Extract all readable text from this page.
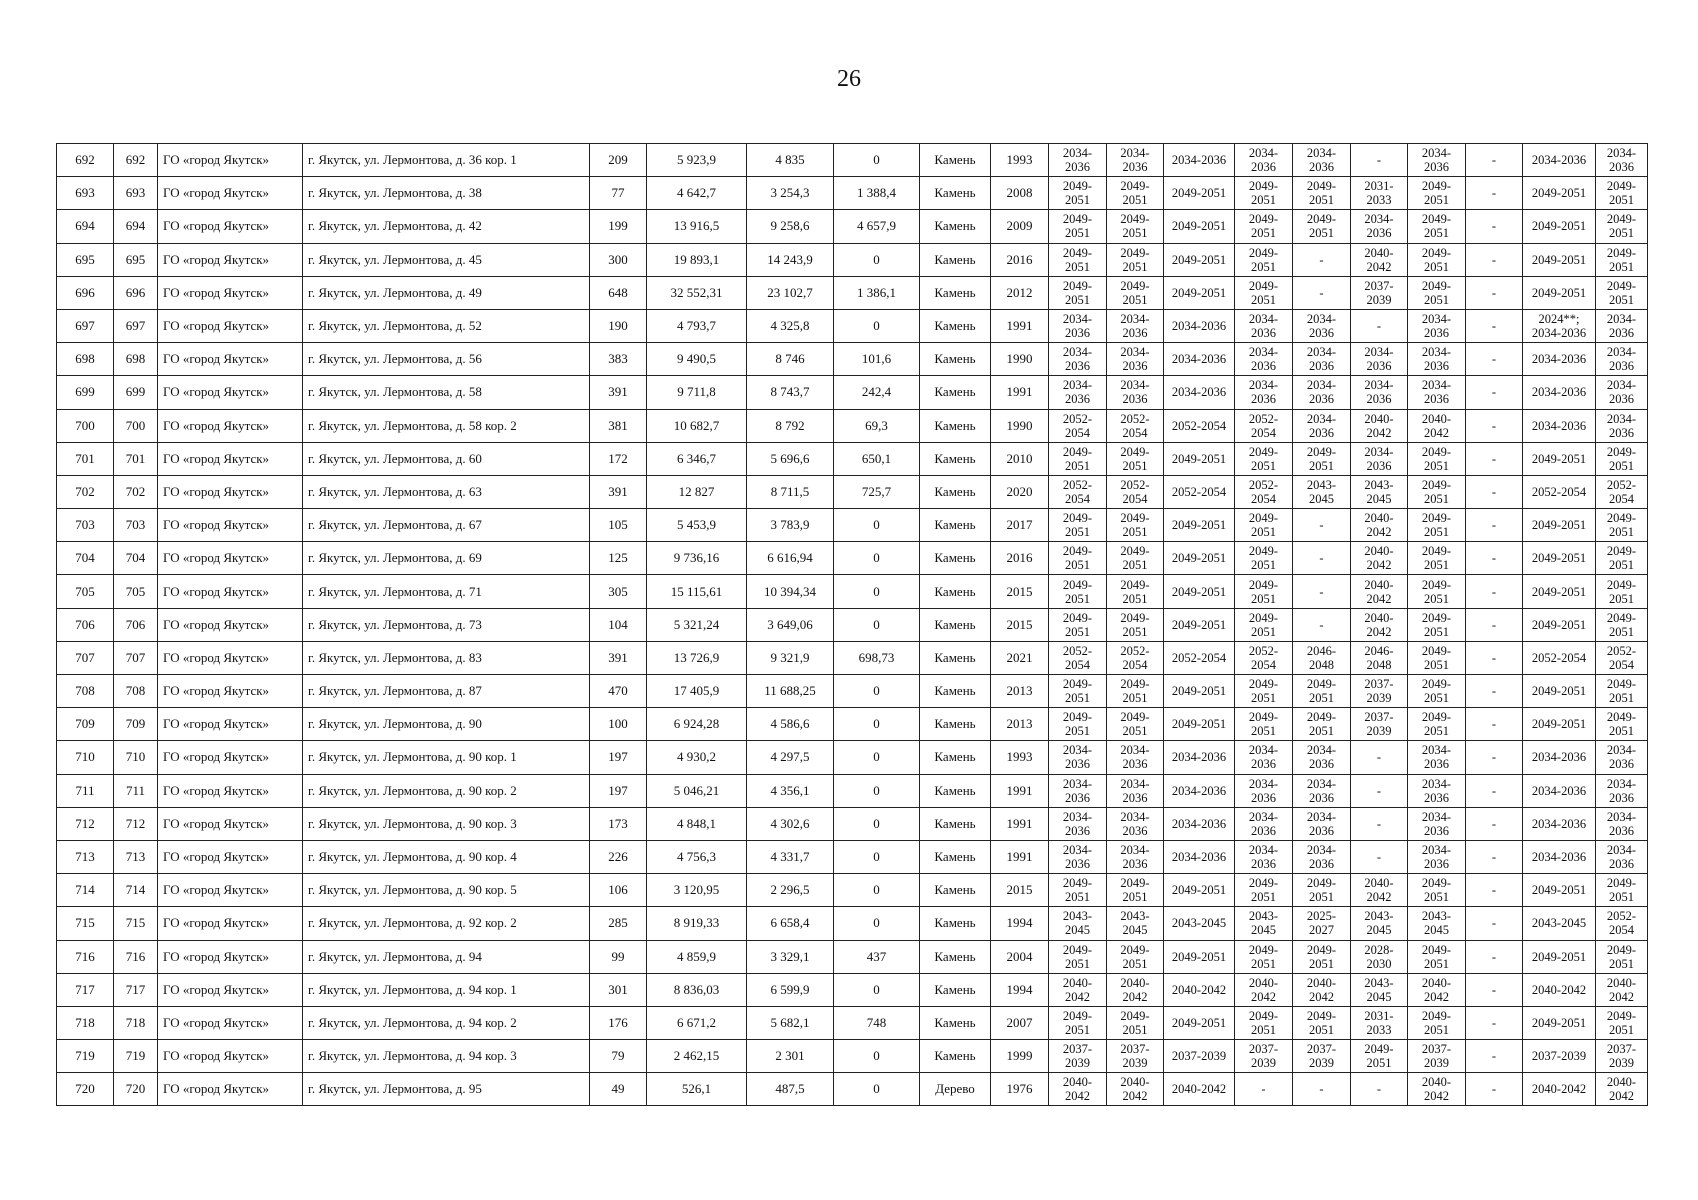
26
692	692	ГО «город Якутск»	г. Якутск, ул. Лермонтова, д. 36 кор. 1	209	5 923,9	4 835	0	Камень	1993	2034-2036	2034-2036	2034-2036	2034-2036	2034-2036	-	2034-2036	-	2034-2036	2034-2036
693	693	ГО «город Якутск»	г. Якутск, ул. Лермонтова, д. 38	77	4 642,7	3 254,3	1 388,4	Камень	2008	2049-2051	2049-2051	2049-2051	2049-2051	2049-2051	2031-2033	2049-2051	-	2049-2051	2049-2051
694	694	ГО «город Якутск»	г. Якутск, ул. Лермонтова, д. 42	199	13 916,5	9 258,6	4 657,9	Камень	2009	2049-2051	2049-2051	2049-2051	2049-2051	2049-2051	2034-2036	2049-2051	-	2049-2051	2049-2051
695	695	ГО «город Якутск»	г. Якутск, ул. Лермонтова, д. 45	300	19 893,1	14 243,9	0	Камень	2016	2049-2051	2049-2051	2049-2051	2049-2051	-	2040-2042	2049-2051	-	2049-2051	2049-2051
696	696	ГО «город Якутск»	г. Якутск, ул. Лермонтова, д. 49	648	32 552,31	23 102,7	1 386,1	Камень	2012	2049-2051	2049-2051	2049-2051	2049-2051	-	2037-2039	2049-2051	-	2049-2051	2049-2051
697	697	ГО «город Якутск»	г. Якутск, ул. Лермонтова, д. 52	190	4 793,7	4 325,8	0	Камень	1991	2034-2036	2034-2036	2034-2036	2034-2036	2034-2036	-	2034-2036	-	2024**; 2034-2036	2034-2036
698	698	ГО «город Якутск»	г. Якутск, ул. Лермонтова, д. 56	383	9 490,5	8 746	101,6	Камень	1990	2034-2036	2034-2036	2034-2036	2034-2036	2034-2036	2034-2036	2034-2036	-	2034-2036	2034-2036
699	699	ГО «город Якутск»	г. Якутск, ул. Лермонтова, д. 58	391	9 711,8	8 743,7	242,4	Камень	1991	2034-2036	2034-2036	2034-2036	2034-2036	2034-2036	2034-2036	2034-2036	-	2034-2036	2034-2036
700	700	ГО «город Якутск»	г. Якутск, ул. Лермонтова, д. 58 кор. 2	381	10 682,7	8 792	69,3	Камень	1990	2052-2054	2052-2054	2052-2054	2052-2054	2034-2036	2040-2042	2040-2042	-	2034-2036	2034-2036
701	701	ГО «город Якутск»	г. Якутск, ул. Лермонтова, д. 60	172	6 346,7	5 696,6	650,1	Камень	2010	2049-2051	2049-2051	2049-2051	2049-2051	2049-2051	2034-2036	2049-2051	-	2049-2051	2049-2051
702	702	ГО «город Якутск»	г. Якутск, ул. Лермонтова, д. 63	391	12 827	8 711,5	725,7	Камень	2020	2052-2054	2052-2054	2052-2054	2052-2054	2043-2045	2043-2045	2049-2051	-	2052-2054	2052-2054
703	703	ГО «город Якутск»	г. Якутск, ул. Лермонтова, д. 67	105	5 453,9	3 783,9	0	Камень	2017	2049-2051	2049-2051	2049-2051	2049-2051	-	2040-2042	2049-2051	-	2049-2051	2049-2051
704	704	ГО «город Якутск»	г. Якутск, ул. Лермонтова, д. 69	125	9 736,16	6 616,94	0	Камень	2016	2049-2051	2049-2051	2049-2051	2049-2051	-	2040-2042	2049-2051	-	2049-2051	2049-2051
705	705	ГО «город Якутск»	г. Якутск, ул. Лермонтова, д. 71	305	15 115,61	10 394,34	0	Камень	2015	2049-2051	2049-2051	2049-2051	2049-2051	-	2040-2042	2049-2051	-	2049-2051	2049-2051
706	706	ГО «город Якутск»	г. Якутск, ул. Лермонтова, д. 73	104	5 321,24	3 649,06	0	Камень	2015	2049-2051	2049-2051	2049-2051	2049-2051	-	2040-2042	2049-2051	-	2049-2051	2049-2051
707	707	ГО «город Якутск»	г. Якутск, ул. Лермонтова, д. 83	391	13 726,9	9 321,9	698,73	Камень	2021	2052-2054	2052-2054	2052-2054	2052-2054	2046-2048	2046-2048	2049-2051	-	2052-2054	2052-2054
708	708	ГО «город Якутск»	г. Якутск, ул. Лермонтова, д. 87	470	17 405,9	11 688,25	0	Камень	2013	2049-2051	2049-2051	2049-2051	2049-2051	2049-2051	2037-2039	2049-2051	-	2049-2051	2049-2051
709	709	ГО «город Якутск»	г. Якутск, ул. Лермонтова, д. 90	100	6 924,28	4 586,6	0	Камень	2013	2049-2051	2049-2051	2049-2051	2049-2051	2049-2051	2037-2039	2049-2051	-	2049-2051	2049-2051
710	710	ГО «город Якутск»	г. Якутск, ул. Лермонтова, д. 90 кор. 1	197	4 930,2	4 297,5	0	Камень	1993	2034-2036	2034-2036	2034-2036	2034-2036	2034-2036	-	2034-2036	-	2034-2036	2034-2036
711	711	ГО «город Якутск»	г. Якутск, ул. Лермонтова, д. 90 кор. 2	197	5 046,21	4 356,1	0	Камень	1991	2034-2036	2034-2036	2034-2036	2034-2036	2034-2036	-	2034-2036	-	2034-2036	2034-2036
712	712	ГО «город Якутск»	г. Якутск, ул. Лермонтова, д. 90 кор. 3	173	4 848,1	4 302,6	0	Камень	1991	2034-2036	2034-2036	2034-2036	2034-2036	2034-2036	-	2034-2036	-	2034-2036	2034-2036
713	713	ГО «город Якутск»	г. Якутск, ул. Лермонтова, д. 90 кор. 4	226	4 756,3	4 331,7	0	Камень	1991	2034-2036	2034-2036	2034-2036	2034-2036	2034-2036	-	2034-2036	-	2034-2036	2034-2036
714	714	ГО «город Якутск»	г. Якутск, ул. Лермонтова, д. 90 кор. 5	106	3 120,95	2 296,5	0	Камень	2015	2049-2051	2049-2051	2049-2051	2049-2051	2049-2051	2040-2042	2049-2051	-	2049-2051	2049-2051
715	715	ГО «город Якутск»	г. Якутск, ул. Лермонтова, д. 92 кор. 2	285	8 919,33	6 658,4	0	Камень	1994	2043-2045	2043-2045	2043-2045	2043-2045	2025-2027	2043-2045	2043-2045	-	2043-2045	2052-2054
716	716	ГО «город Якутск»	г. Якутск, ул. Лермонтова, д. 94	99	4 859,9	3 329,1	437	Камень	2004	2049-2051	2049-2051	2049-2051	2049-2051	2049-2051	2028-2030	2049-2051	-	2049-2051	2049-2051
717	717	ГО «город Якутск»	г. Якутск, ул. Лермонтова, д. 94 кор. 1	301	8 836,03	6 599,9	0	Камень	1994	2040-2042	2040-2042	2040-2042	2040-2042	2040-2042	2043-2045	2040-2042	-	2040-2042	2040-2042
718	718	ГО «город Якутск»	г. Якутск, ул. Лермонтова, д. 94 кор. 2	176	6 671,2	5 682,1	748	Камень	2007	2049-2051	2049-2051	2049-2051	2049-2051	2049-2051	2031-2033	2049-2051	-	2049-2051	2049-2051
719	719	ГО «город Якутск»	г. Якутск, ул. Лермонтова, д. 94 кор. 3	79	2 462,15	2 301	0	Камень	1999	2037-2039	2037-2039	2037-2039	2037-2039	2037-2039	2049-2051	2037-2039	-	2037-2039	2037-2039
720	720	ГО «город Якутск»	г. Якутск, ул. Лермонтова, д. 95	49	526,1	487,5	0	Дерево	1976	2040-2042	2040-2042	2040-2042	-	-	-	2040-2042	-	2040-2042	2040-2042
